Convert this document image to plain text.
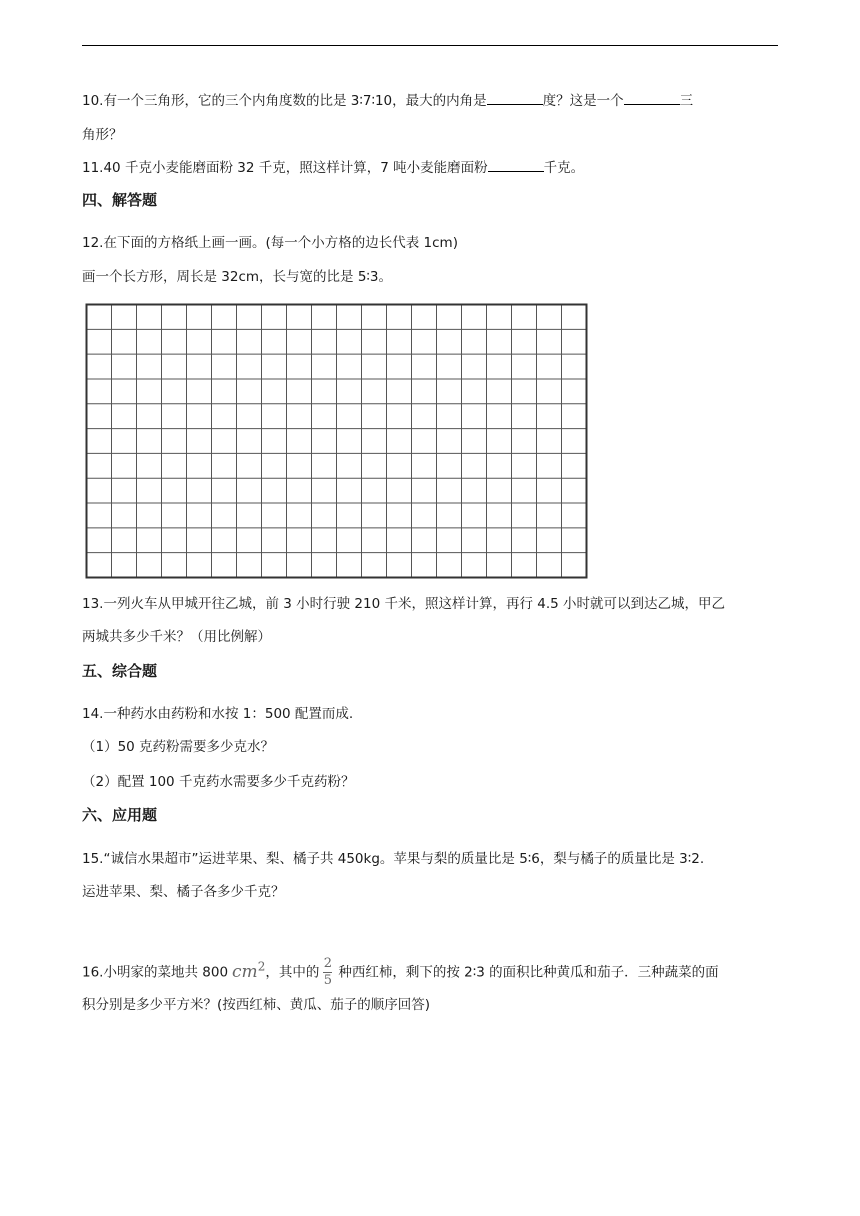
10.有一个三角形，它的三个内角度数的比是 3∶7∶10，最大的内角是	度？这是一个	三
角形？
11.40 千克小麦能磨面粉 32 千克，照这样计算，7 吨小麦能磨面粉	千克。
四、解答题
12.在下面的方格纸上画一画。(每一个小方格的边长代表 1cm)
画一个长方形，周长是 32cm，长与宽的比是 5∶3。
13.一列火车从甲城开往乙城，前 3 小时行驶 210 千米，照这样计算，再行 4.5 小时就可以到达乙城，甲乙
两城共多少千米？（用比例解）
五、综合题
14.一种药水由药粉和水按 1：500 配置而成.
（1）50 克药粉需要多少克水？
（2）配置 100 千克药水需要多少千克药粉？
六、应用题
15.“诚信水果超市”运进苹果、梨、橘子共 450kg。苹果与梨的质量比是 5∶6，梨与橘子的质量比是 3∶2.
运进苹果、梨、橘子各多少千克？
16.小明家的菜地共 800 $cm^2$，其中的 $\frac{2}{5}$ 种西红柿，剩下的按 2∶3 的面积比种黄瓜和茄子．三种蔬菜的面
积分别是多少平方米？(按西红柿、黄瓜、茄子的顺序回答)
